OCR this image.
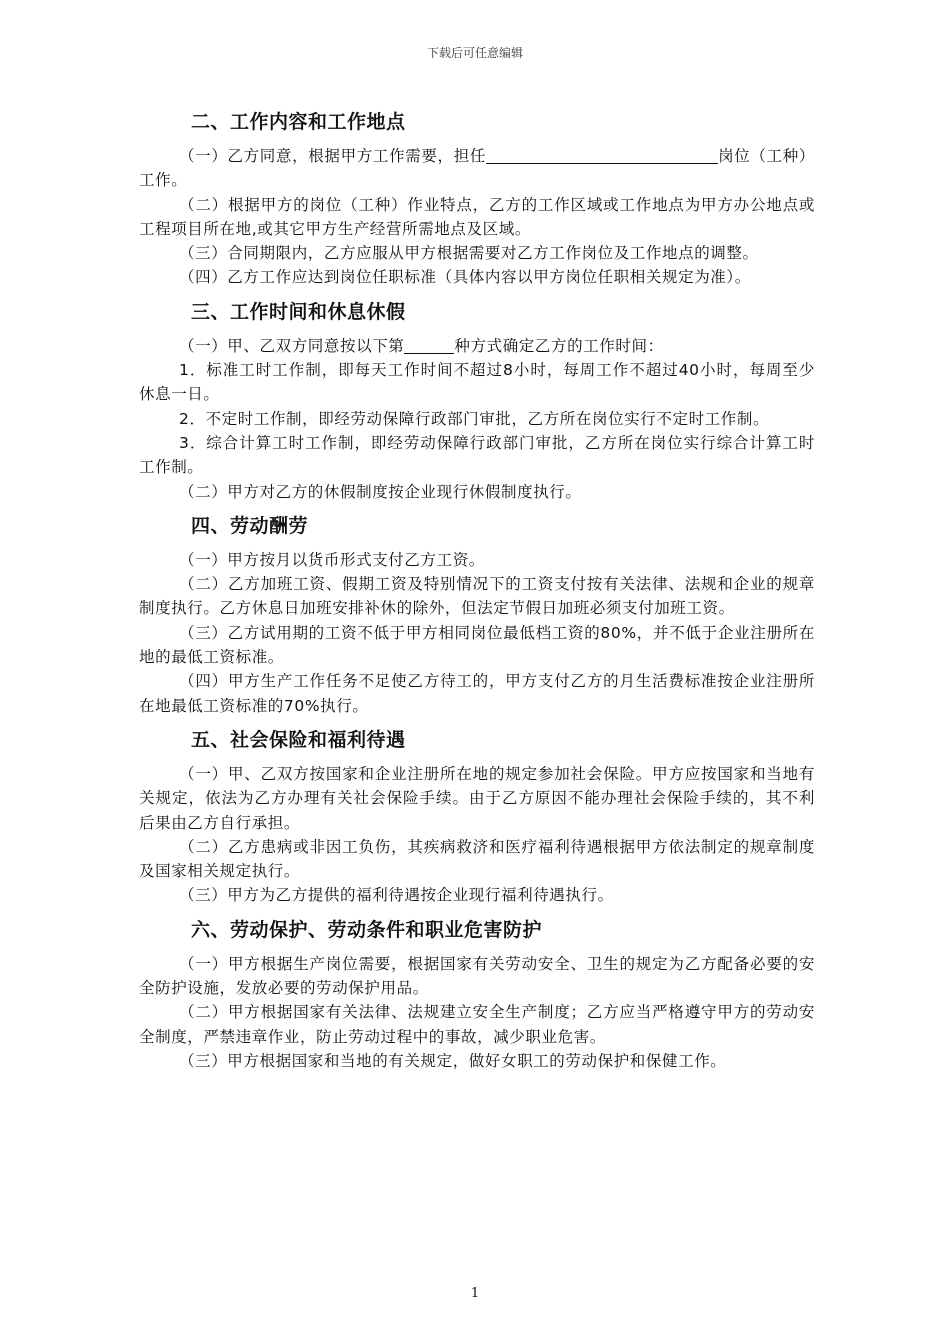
下载后可任意编辑
二、工作内容和工作地点

（一）乙方同意，根据甲方工作需要，担任	岗位（工种）工作。

（二）根据甲方的岗位（工种）作业特点，乙方的工作区域或工作地点为甲方办公地点或工程项目所在地,或其它甲方生产经营所需地点及区域。

（三）合同期限内，乙方应服从甲方根据需要对乙方工作岗位及工作地点的调整。

（四）乙方工作应达到岗位任职标准（具体内容以甲方岗位任职相关规定为准）。

三、工作时间和休息休假

（一）甲、乙双方同意按以下第	种方式确定乙方的工作时间：

1．标准工时工作制，即每天工作时间不超过8小时，每周工作不超过40小时，每周至少休息一日。

2．不定时工作制，即经劳动保障行政部门审批，乙方所在岗位实行不定时工作制。

3．综合计算工时工作制，即经劳动保障行政部门审批，乙方所在岗位实行综合计算工时工作制。

（二）甲方对乙方的休假制度按企业现行休假制度执行。

四、劳动酬劳

（一）甲方按月以货币形式支付乙方工资。

（二）乙方加班工资、假期工资及特别情况下的工资支付按有关法律、法规和企业的规章制度执行。乙方休息日加班安排补休的除外，但法定节假日加班必须支付加班工资。

（三）乙方试用期的工资不低于甲方相同岗位最低档工资的80%，并不低于企业注册所在地的最低工资标准。

（四）甲方生产工作任务不足使乙方待工的，甲方支付乙方的月生活费标准按企业注册所在地最低工资标准的70%执行。

五、社会保险和福利待遇

（一）甲、乙双方按国家和企业注册所在地的规定参加社会保险。甲方应按国家和当地有关规定，依法为乙方办理有关社会保险手续。由于乙方原因不能办理社会保险手续的，其不利后果由乙方自行承担。

（二）乙方患病或非因工负伤，其疾病救济和医疗福利待遇根据甲方依法制定的规章制度及国家相关规定执行。

（三）甲方为乙方提供的福利待遇按企业现行福利待遇执行。

六、劳动保护、劳动条件和职业危害防护

（一）甲方根据生产岗位需要，根据国家有关劳动安全、卫生的规定为乙方配备必要的安全防护设施，发放必要的劳动保护用品。

（二）甲方根据国家有关法律、法规建立安全生产制度；乙方应当严格遵守甲方的劳动安全制度，严禁违章作业，防止劳动过程中的事故，减少职业危害。

（三）甲方根据国家和当地的有关规定，做好女职工的劳动保护和保健工作。

1
